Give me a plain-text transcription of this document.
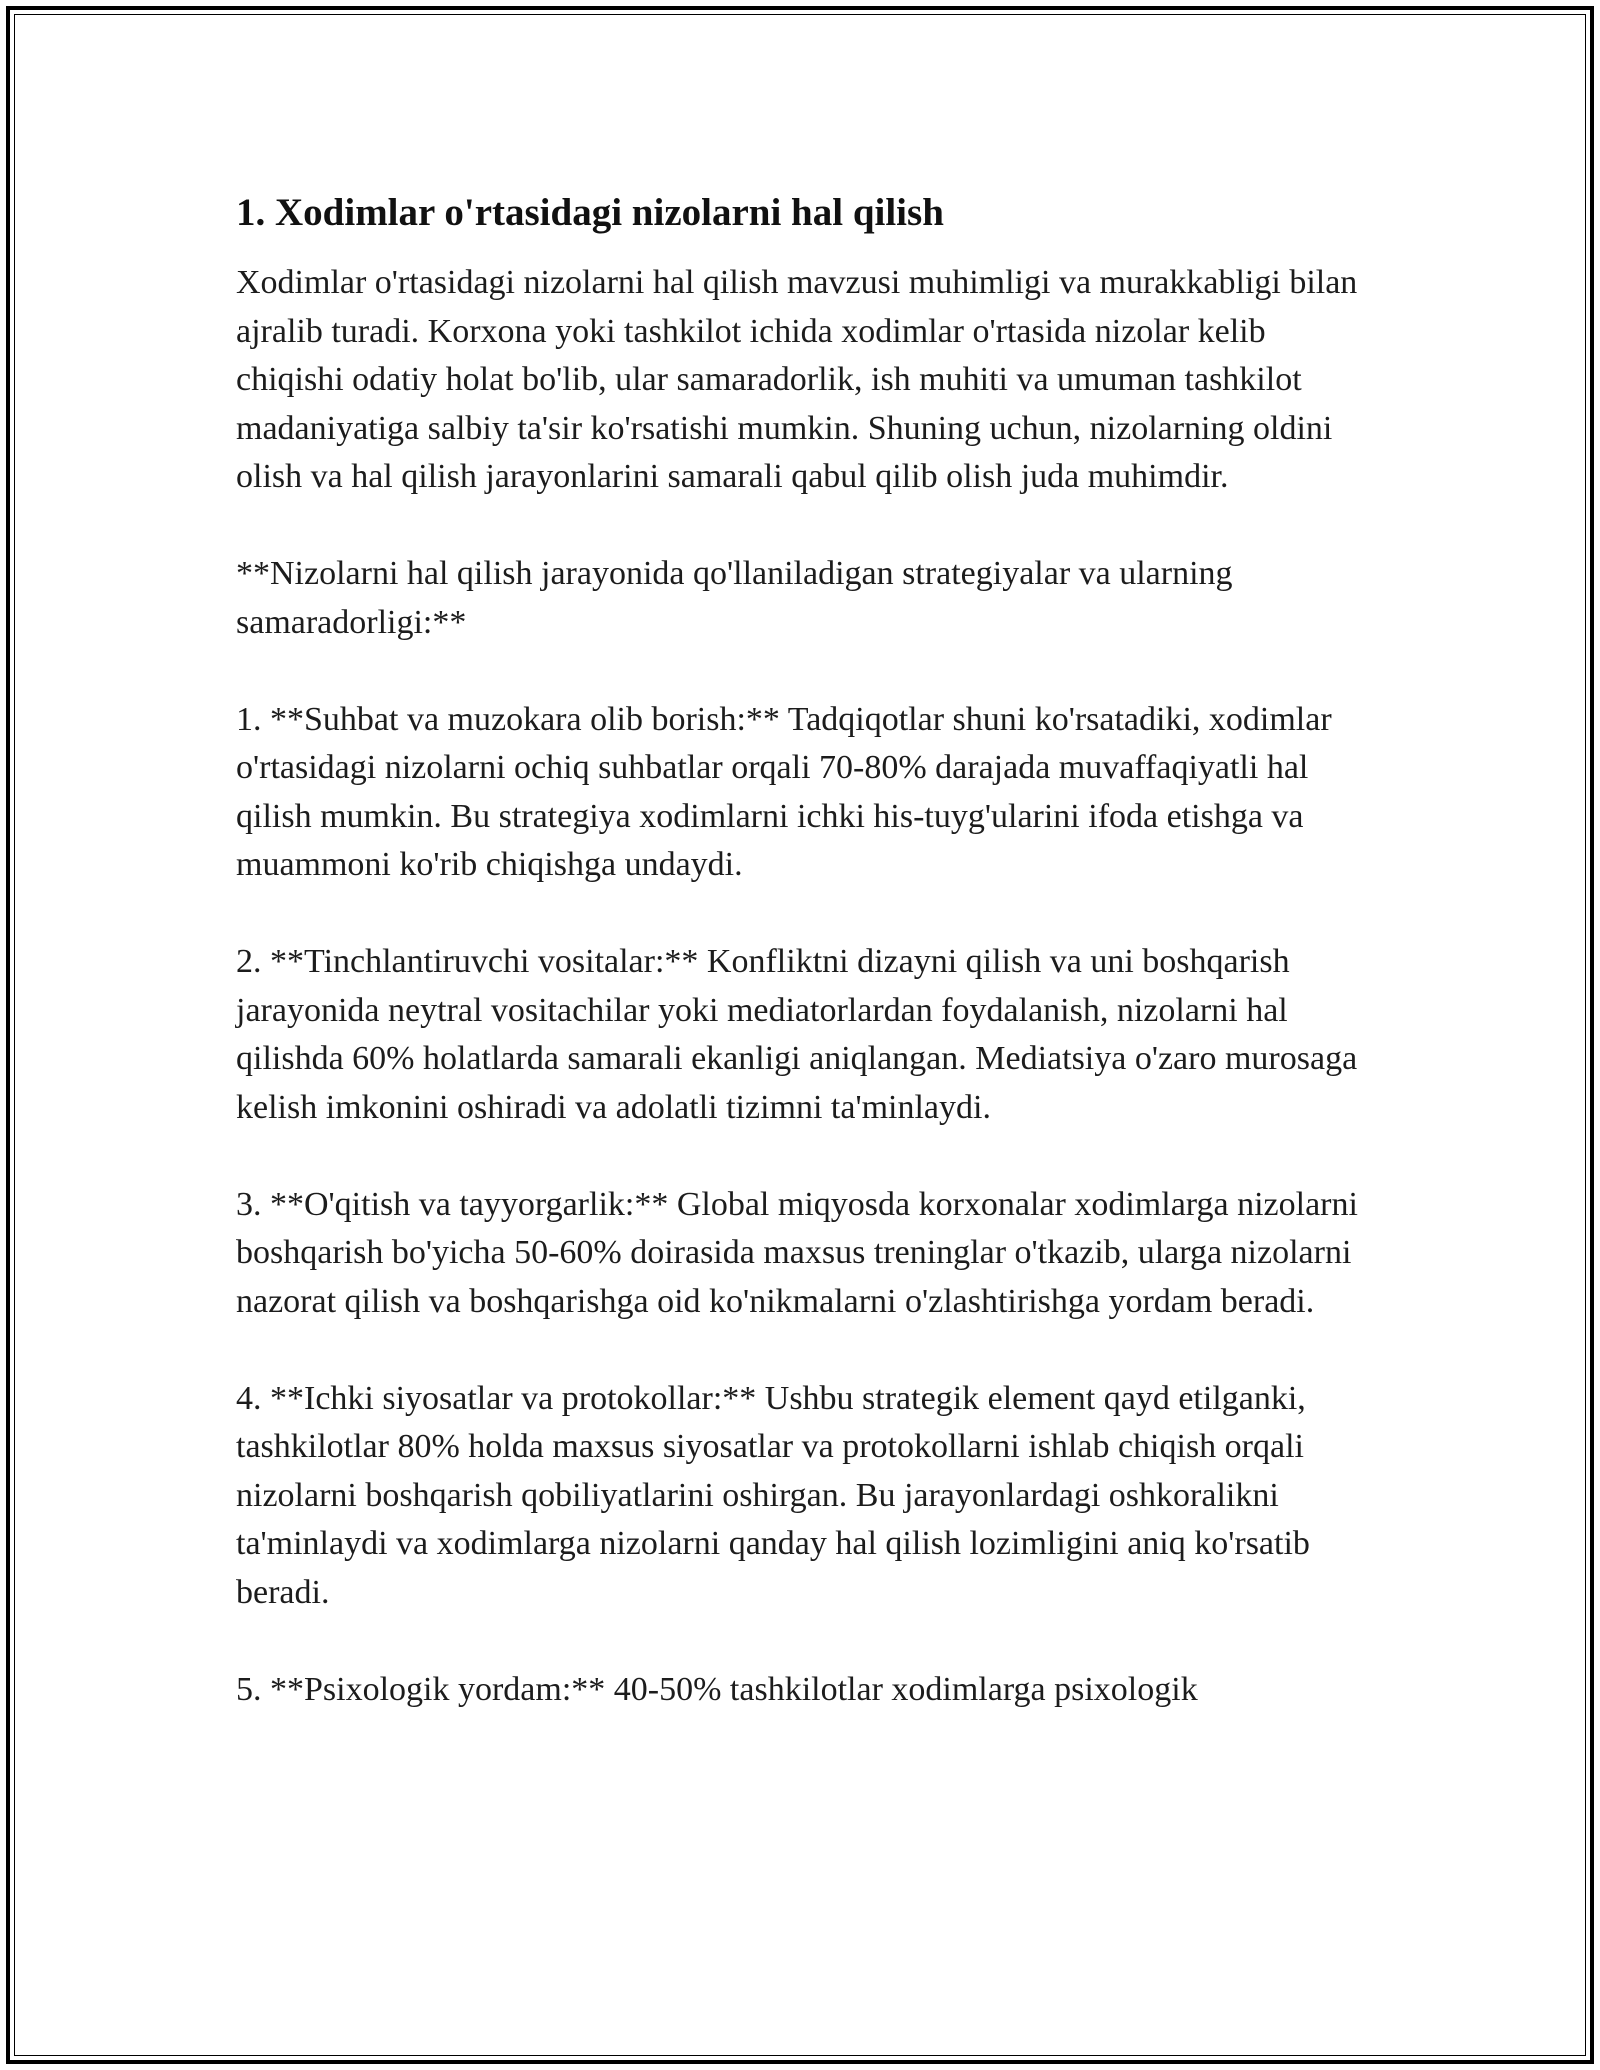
1. Xodimlar o'rtasidagi nizolarni hal qilish

Xodimlar o'rtasidagi nizolarni hal qilish mavzusi muhimligi va murakkabligi bilan ajralib turadi. Korxona yoki tashkilot ichida xodimlar o'rtasida nizolar kelib chiqishi odatiy holat bo'lib, ular samaradorlik, ish muhiti va umuman tashkilot madaniyatiga salbiy ta'sir ko'rsatishi mumkin. Shuning uchun, nizolarning oldini olish va hal qilish jarayonlarini samarali qabul qilib olish juda muhimdir.

**Nizolarni hal qilish jarayonida qo'llaniladigan strategiyalar va ularning samaradorligi:**

1. **Suhbat va muzokara olib borish:** Tadqiqotlar shuni ko'rsatadiki, xodimlar o'rtasidagi nizolarni ochiq suhbatlar orqali 70-80% darajada muvaffaqiyatli hal qilish mumkin. Bu strategiya xodimlarni ichki his-tuyg'ularini ifoda etishga va muammoni ko'rib chiqishga undaydi.

2. **Tinchlantiruvchi vositalar:** Konfliktni dizayni qilish va uni boshqarish jarayonida neytral vositachilar yoki mediatorlardan foydalanish, nizolarni hal qilishda 60% holatlarda samarali ekanligi aniqlangan. Mediatsiya o'zaro murosaga kelish imkonini oshiradi va adolatli tizimni ta'minlaydi.

3. **O'qitish va tayyorgarlik:** Global miqyosda korxonalar xodimlarga nizolarni boshqarish bo'yicha 50-60% doirasida maxsus treninglar o'tkazib, ularga nizolarni nazorat qilish va boshqarishga oid ko'nikmalarni o'zlashtirishga yordam beradi.

4. **Ichki siyosatlar va protokollar:** Ushbu strategik element qayd etilganki, tashkilotlar 80% holda maxsus siyosatlar va protokollarni ishlab chiqish orqali nizolarni boshqarish qobiliyatlarini oshirgan. Bu jarayonlardagi oshkoralikni ta'minlaydi va xodimlarga nizolarni qanday hal qilish lozimligini aniq ko'rsatib beradi.

5. **Psixologik yordam:** 40-50% tashkilotlar xodimlarga psixologik
